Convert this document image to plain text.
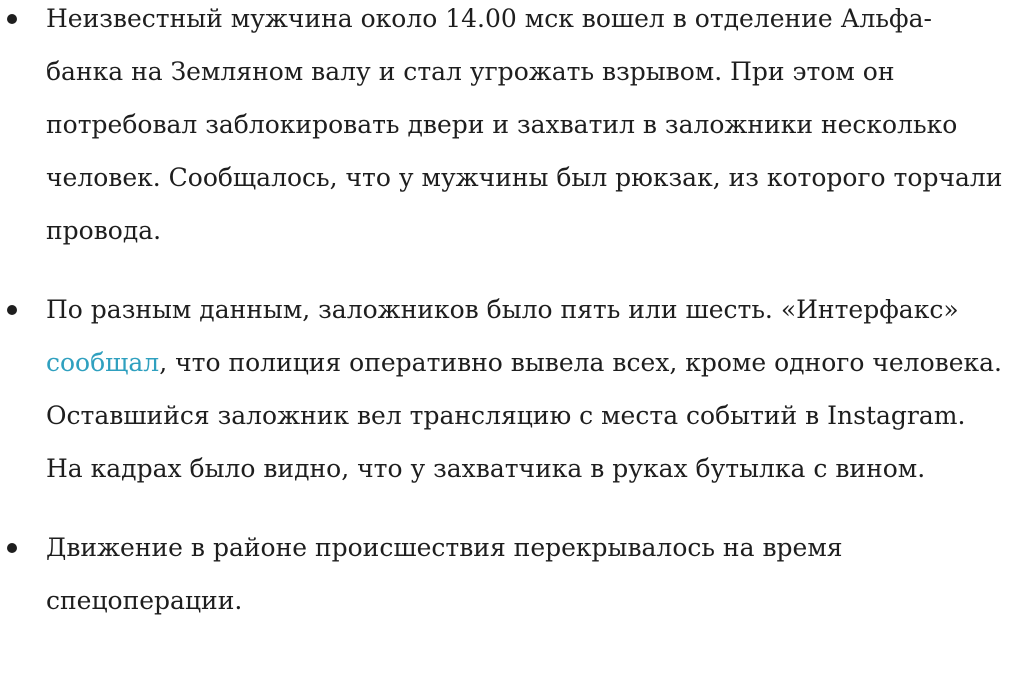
Неизвестный мужчина около 14.00 мск вошел в отделение Альфа-банка на Земляном валу и стал угрожать взрывом. При этом он потребовал заблокировать двери и захватил в заложники несколько человек. Сообщалось, что у мужчины был рюкзак, из которого торчали провода.
По разным данным, заложников было пять или шесть. «Интерфакс» сообщал, что полиция оперативно вывела всех, кроме одного человека. Оставшийся заложник вел трансляцию с места событий в Instagram. На кадрах было видно, что у захватчика в руках бутылка с вином.
Движение в районе происшествия перекрывалось на время спецоперации.
